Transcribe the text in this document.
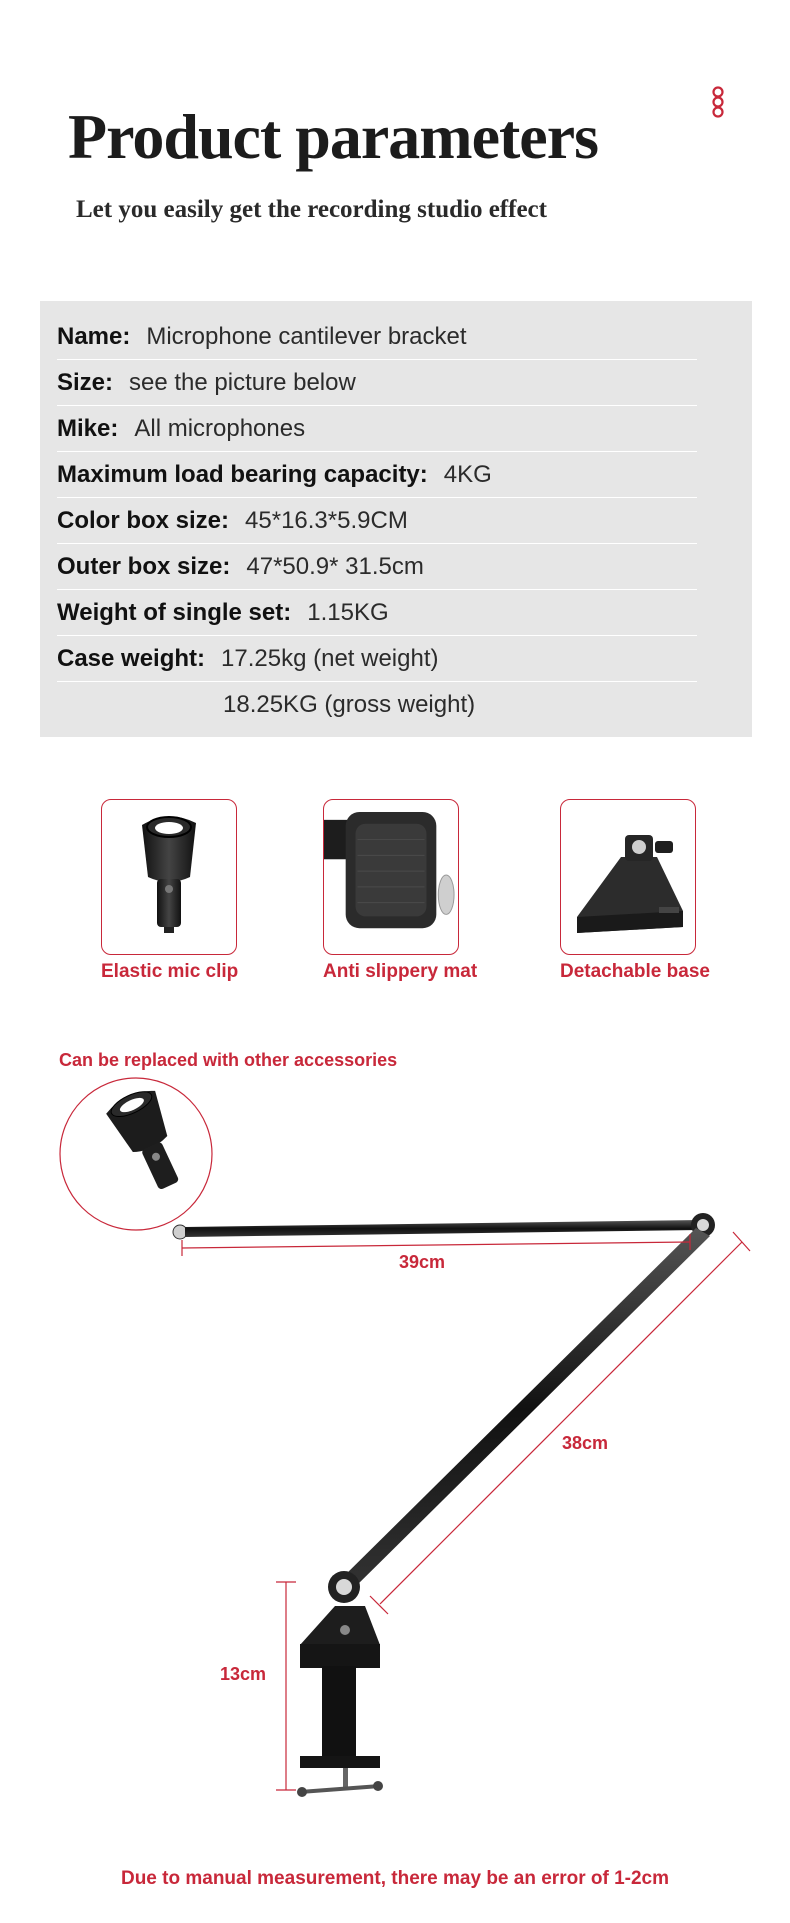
Product parameters
Let you easily get the recording studio effect
Name: Microphone cantilever bracket
Size: see the picture below
Mike: All microphones
Maximum load bearing capacity: 4KG
Color box size: 45*16.3*5.9CM
Outer box size: 47*50.9* 31.5cm
Weight of single set: 1.15KG
Case weight: 17.25kg (net weight)
18.25KG (gross weight)
Elastic mic clip	Anti slippery mat	Detachable base
Can be replaced with other accessories
39cm
38cm
13cm
Due to manual measurement, there may be an error of 1-2cm
